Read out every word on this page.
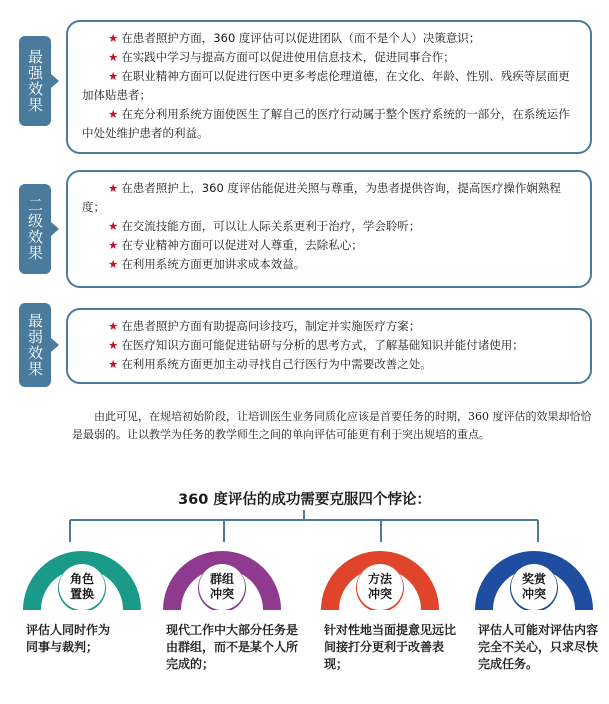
最强效果

★ 在患者照护方面，360 度评估可以促进团队（而不是个人）决策意识；

★ 在实践中学习与提高方面可以促进使用信息技术，促进同事合作；

★ 在职业精神方面可以促进行医中更多考虑伦理道德，在文化、年龄、性别、残疾等层面更加体贴患者；

★ 在充分利用系统方面使医生了解自己的医疗行动属于整个医疗系统的一部分，在系统运作中处处维护患者的利益。

二级效果

★ 在患者照护上，360 度评估能促进关照与尊重，为患者提供咨询，提高医疗操作娴熟程度；

★ 在交流技能方面，可以让人际关系更利于治疗，学会聆听；

★ 在专业精神方面可以促进对人尊重，去除私心；

★ 在利用系统方面更加讲求成本效益。

最弱效果	★ 在患者照护方面有助提高问诊技巧，制定并实施医疗方案；

★ 在医疗知识方面可能促进钻研与分析的思考方式，了解基础知识并能付诸使用；

★ 在利用系统方面更加主动寻找自己行医行为中需要改善之处。

由此可见，在规培初始阶段，让培训医生业务同质化应该是首要任务的时期，360 度评估的效果却恰恰是最弱的。让以教学为任务的教学师生之间的单向评估可能更有利于突出规培的重点。

360 度评估的成功需要克服四个悖论：
角色
置换
评估人同时作为同事与裁判；
群组
冲突
现代工作中大部分任务是由群组，而不是某个人所完成的；
方法
冲突
针对性地当面提意见远比间接打分更利于改善表现；
奖赏
冲突
评估人可能对评估内容完全不关心，只求尽快完成任务。
